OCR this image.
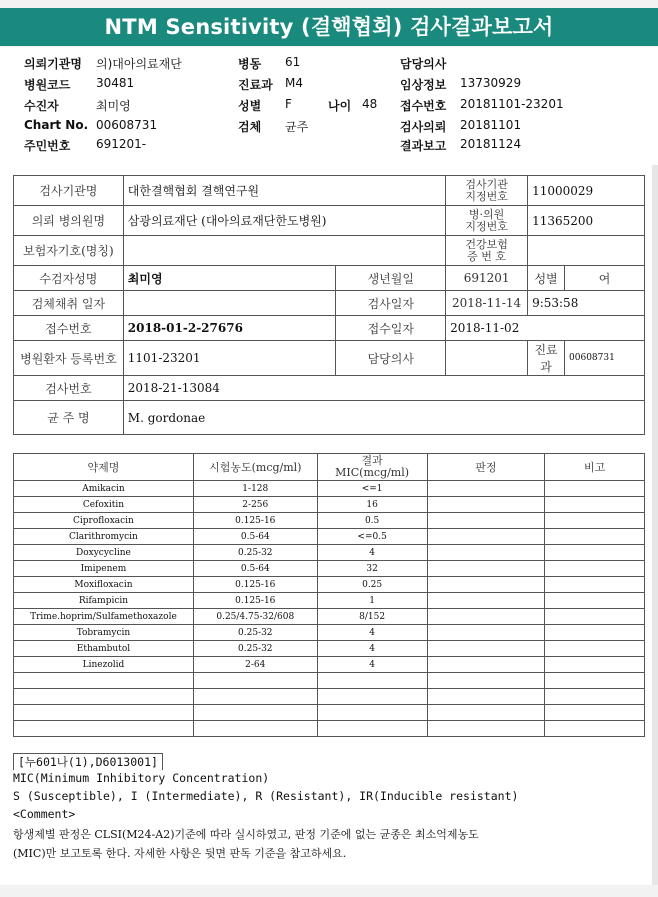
NTM Sensitivity (결핵협회) 검사결과보고서
의뢰기관명 의)대아의료재단	병동 61	담당의사
병원코드 30481	진료과 M4	임상정보 13730929
수진자	최미영	성별 F	나이 48 접수번호 20181101-23201
Chart No. 00608731	검체 균주	검사의뢰 20181101
주민번호 691201-	결과보고 20181124
검사기관명	대한결핵협회 결핵연구원		검사기관
지정번호	11000029	
의뢰 병의원명	삼광의료재단 (대아의료재단한도병원)		병·의원
지정번호	11365200	
보험자기호(명칭)			건강보험
증 번 호		
수검자성명	최미영	생년월일	691201	성별	여
검체채취 일자		검사일자	2018-11-14	9:53:58	
접수번호	2018-01-2-27676	접수일자	2018-11-02		
병원환자 등록번호	1101-23201	담당의사		진료과	00608731
검사번호	2018-21-13084				
균 주 명	M. gordonae				
약제명	시험농도(mcg/ml)	결과
MIC(mcg/ml)	판정	비고
Amikacin	1-128	<=1		
Cefoxitin	2-256	16		
Ciprofloxacin	0.125-16	0.5		
Clarithromycin	0.5-64	<=0.5		
Doxycycline	0.25-32	4		
Imipenem	0.5-64	32		
Moxifloxacin	0.125-16	0.25		
Rifampicin	0.125-16	1		
Trime.hoprim/Sulfamethoxazole	0.25/4.75-32/608	8/152		
Tobramycin	0.25-32	4		
Ethambutol	0.25-32	4		
Linezolid	2-64	4		

[누601나(1),D6013001]
MIC(Minimum Inhibitory Concentration)
S (Susceptible), I (Intermediate), R (Resistant), IR(Inducible resistant)
<Comment>
항생제별 판정은 CLSI(M24-A2)기준에 따라 실시하였고, 판정 기준에 없는 균종은 최소억제농도
(MIC)만 보고토록 한다. 자세한 사항은 뒷면 판독 기준을 참고하세요.
